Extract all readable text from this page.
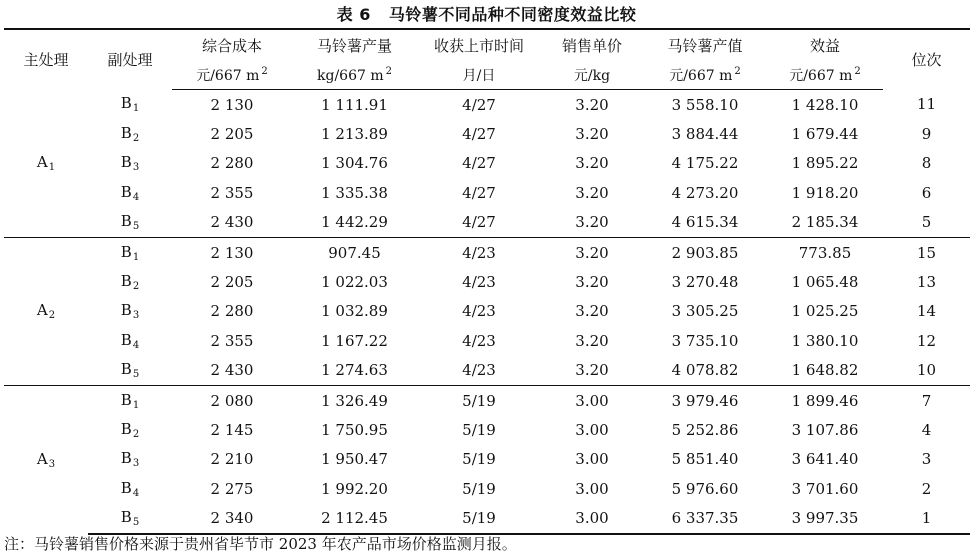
表 6 马铃薯不同品种不同密度效益比较
主处理	副处理	综合成本	马铃薯产量	收获上市时间	销售单价	马铃薯产值	效益	位次
		元/667 m $^2$	kg/667 m $^2$	月/日	元/kg	元/667 m $^2$	元/667 m $^2$
$A_1$	$B_1$	2 130	1 111.91	4/27	3.20	3 558.10	1 428.10	11
	$B_2$	2 205	1 213.89	4/27	3.20	3 884.44	1 679.44	9
	$B_3$	2 280	1 304.76	4/27	3.20	4 175.22	1 895.22	8
	$B_4$	2 355	1 335.38	4/27	3.20	4 273.20	1 918.20	6
	$B_5$	2 430	1 442.29	4/27	3.20	4 615.34	2 185.34	5
$A_2$	$B_1$	2 130	907.45	4/23	3.20	2 903.85	773.85	15
	$B_2$	2 205	1 022.03	4/23	3.20	3 270.48	1 065.48	13
	$B_3$	2 280	1 032.89	4/23	3.20	3 305.25	1 025.25	14
	$B_4$	2 355	1 167.22	4/23	3.20	3 735.10	1 380.10	12
	$B_5$	2 430	1 274.63	4/23	3.20	4 078.82	1 648.82	10
$A_3$	$B_1$	2 080	1 326.49	5/19	3.00	3 979.46	1 899.46	7
	$B_2$	2 145	1 750.95	5/19	3.00	5 252.86	3 107.86	4
	$B_3$	2 210	1 950.47	5/19	3.00	5 851.40	3 641.40	3
	$B_4$	2 275	1 992.20	5/19	3.00	5 976.60	3 701.60	2
	$B_5$	2 340	2 112.45	5/19	3.00	6 337.35	3 997.35	1
注：马铃薯销售价格来源于贵州省毕节市 2023 年农产品市场价格监测月报。
